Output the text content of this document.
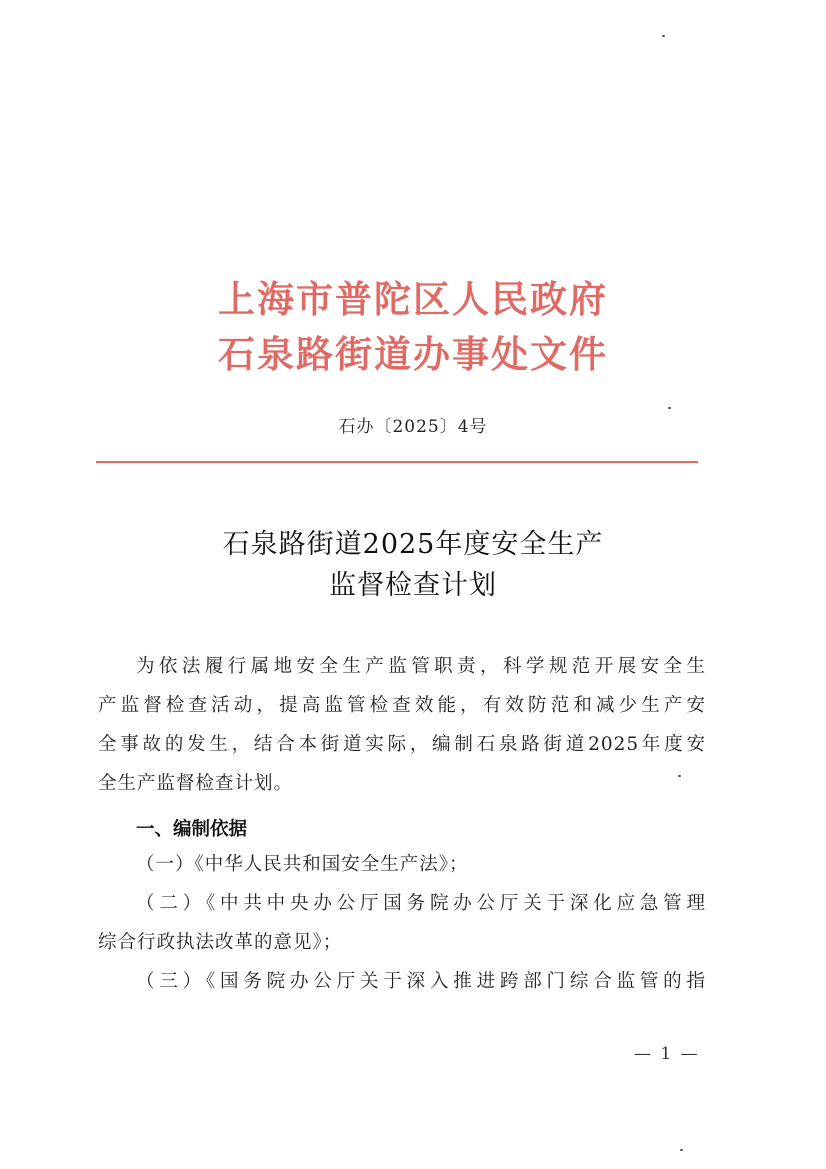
上海市普陀区人民政府
石泉路街道办事处文件
石办〔2025〕4号
石泉路街道2025年度安全生产
监督检查计划
为依法履行属地安全生产监管职责，科学规范开展安全生
产监督检查活动，提高监管检查效能，有效防范和减少生产安
全事故的发生，结合本街道实际，编制石泉路街道2025年度安
全生产监督检查计划。
一、编制依据
（一）《中华人民共和国安全生产法》；
（二）《中共中央办公厅国务院办公厅关于深化应急管理
综合行政执法改革的意见》；
（三）《国务院办公厅关于深入推进跨部门综合监管的指
— 1 —
